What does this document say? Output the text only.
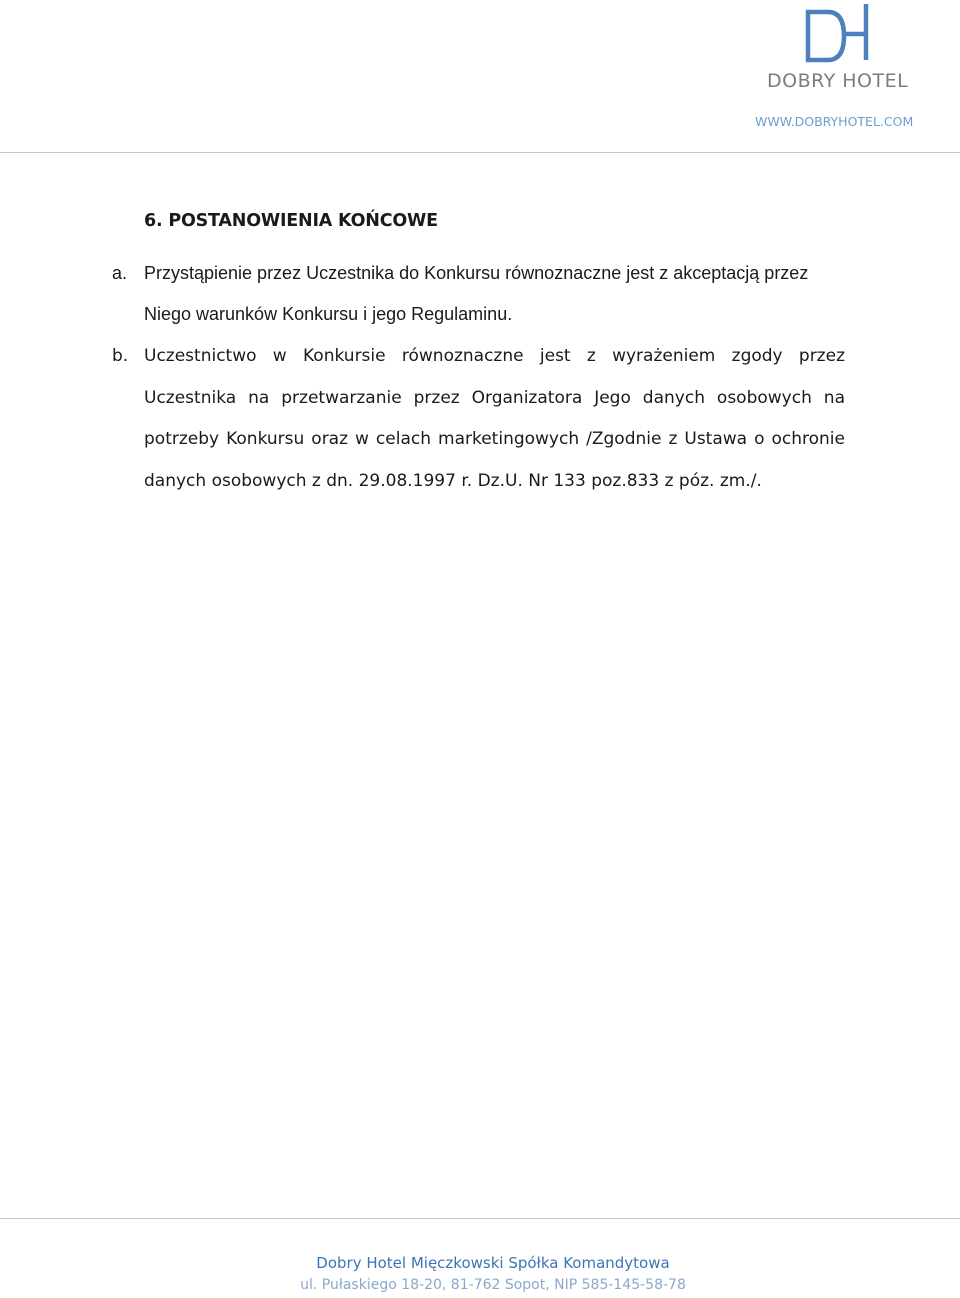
DOBRY HOTEL
WWW.DOBRYHOTEL.COM
6. POSTANOWIENIA KOŃCOWE
a. Przystąpienie przez Uczestnika do Konkursu równoznaczne jest z akceptacją przez Niego warunków Konkursu i jego Regulaminu.
b. Uczestnictwo w Konkursie równoznaczne jest z wyrażeniem zgody przez Uczestnika na przetwarzanie przez Organizatora Jego danych osobowych na potrzeby Konkursu oraz w celach marketingowych /Zgodnie z Ustawa o ochronie danych osobowych z dn. 29.08.1997 r. Dz.U. Nr 133 poz.833 z póz. zm./.
Dobry Hotel Mięczkowski Spółka Komandytowa
ul. Pułaskiego 18-20, 81-762 Sopot, NIP 585-145-58-78
